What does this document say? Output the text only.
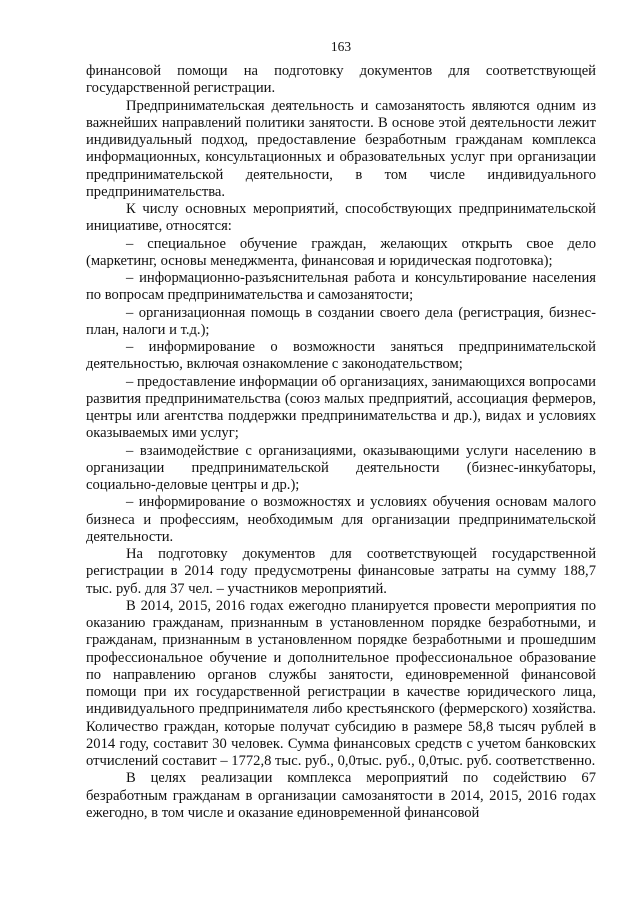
163

финансовой помощи на подготовку документов для соответствующей государственной регистрации.

Предпринимательская деятельность и самозанятость являются одним из важнейших направлений политики занятости. В основе этой деятельности лежит индивидуальный подход, предоставление безработным гражданам комплекса информационных, консультационных и образовательных услуг при организации предпринимательской деятельности, в том числе индивидуального предпринимательства.

К числу основных мероприятий, способствующих предпринимательской инициативе, относятся:

– специальное обучение граждан, желающих открыть свое дело (маркетинг, основы менеджмента, финансовая и юридическая подготовка);

– информационно-разъяснительная работа и консультирование населения по вопросам предпринимательства и самозанятости;

– организационная помощь в создании своего дела (регистрация, бизнес-план, налоги и т.д.);

– информирование о возможности заняться предпринимательской деятельностью, включая ознакомление с законодательством;

– предоставление информации об организациях, занимающихся вопросами развития предпринимательства (союз малых предприятий, ассоциация фермеров, центры или агентства поддержки предпринимательства и др.), видах и условиях оказываемых ими услуг;

– взаимодействие с организациями, оказывающими услуги населению в организации предпринимательской деятельности (бизнес-инкубаторы, социально-деловые центры и др.);

– информирование о возможностях и условиях обучения основам малого бизнеса и профессиям, необходимым для организации предпринимательской деятельности.

На подготовку документов для соответствующей государственной регистрации в 2014 году предусмотрены финансовые затраты на сумму 188,7 тыс. руб. для 37 чел. – участников мероприятий.

В 2014, 2015, 2016 годах ежегодно планируется провести мероприятия по оказанию гражданам, признанным в установленном порядке безработными, и гражданам, признанным в установленном порядке безработными и прошедшим профессиональное обучение и дополнительное профессиональное образование по направлению органов службы занятости, единовременной финансовой помощи при их государственной регистрации в качестве юридического лица, индивидуального предпринимателя либо крестьянского (фермерского) хозяйства. Количество граждан, которые получат субсидию в размере 58,8 тысяч рублей в 2014 году, составит 30 человек. Сумма финансовых средств с учетом банковских отчислений составит – 1772,8 тыс. руб., 0,0тыс. руб., 0,0тыс. руб. соответственно.

В целях реализации комплекса мероприятий по содействию 67 безработным гражданам в организации самозанятости в 2014, 2015, 2016 годах ежегодно, в том числе и оказание единовременной финансовой
